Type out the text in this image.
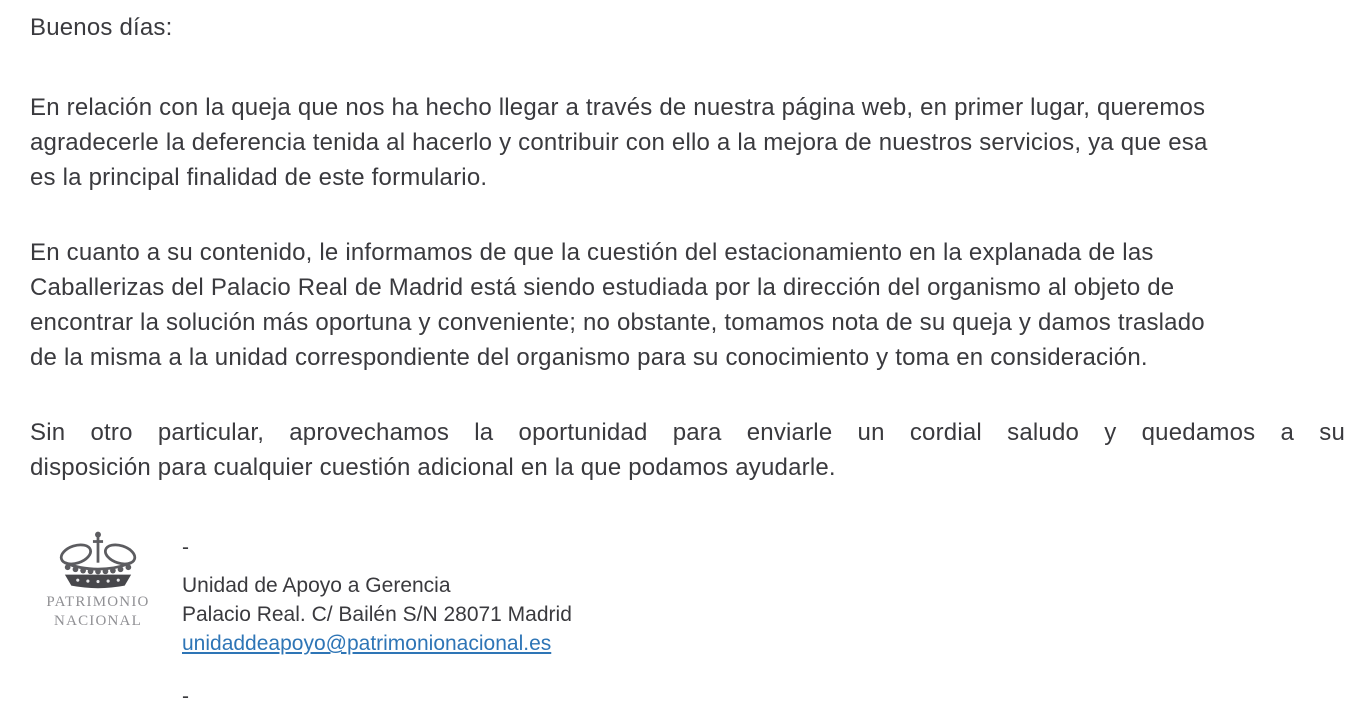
Buenos días:

En relación con la queja que nos ha hecho llegar a través de nuestra página web, en primer lugar, queremos
agradecerle la deferencia tenida al hacerlo y contribuir con ello a la mejora de nuestros servicios, ya que esa
es la principal finalidad de este formulario.
En cuanto a su contenido, le informamos de que la cuestión del estacionamiento en la explanada de las
Caballerizas del Palacio Real de Madrid está siendo estudiada por la dirección del organismo al objeto de
encontrar la solución más oportuna y conveniente; no obstante, tomamos nota de su queja y damos traslado
de la misma a la unidad correspondiente del organismo para su conocimiento y toma en consideración.
Sin otro particular, aprovechamos la oportunidad para enviarle un cordial saludo y quedamos a su
disposición para cualquier cuestión adicional en la que podamos ayudarle.
PATRIMONIO
NACIONAL
-
Unidad de Apoyo a Gerencia
Palacio Real. C/ Bailén S/N 28071 Madrid
unidaddeapoyo@patrimonionacional.es
-
